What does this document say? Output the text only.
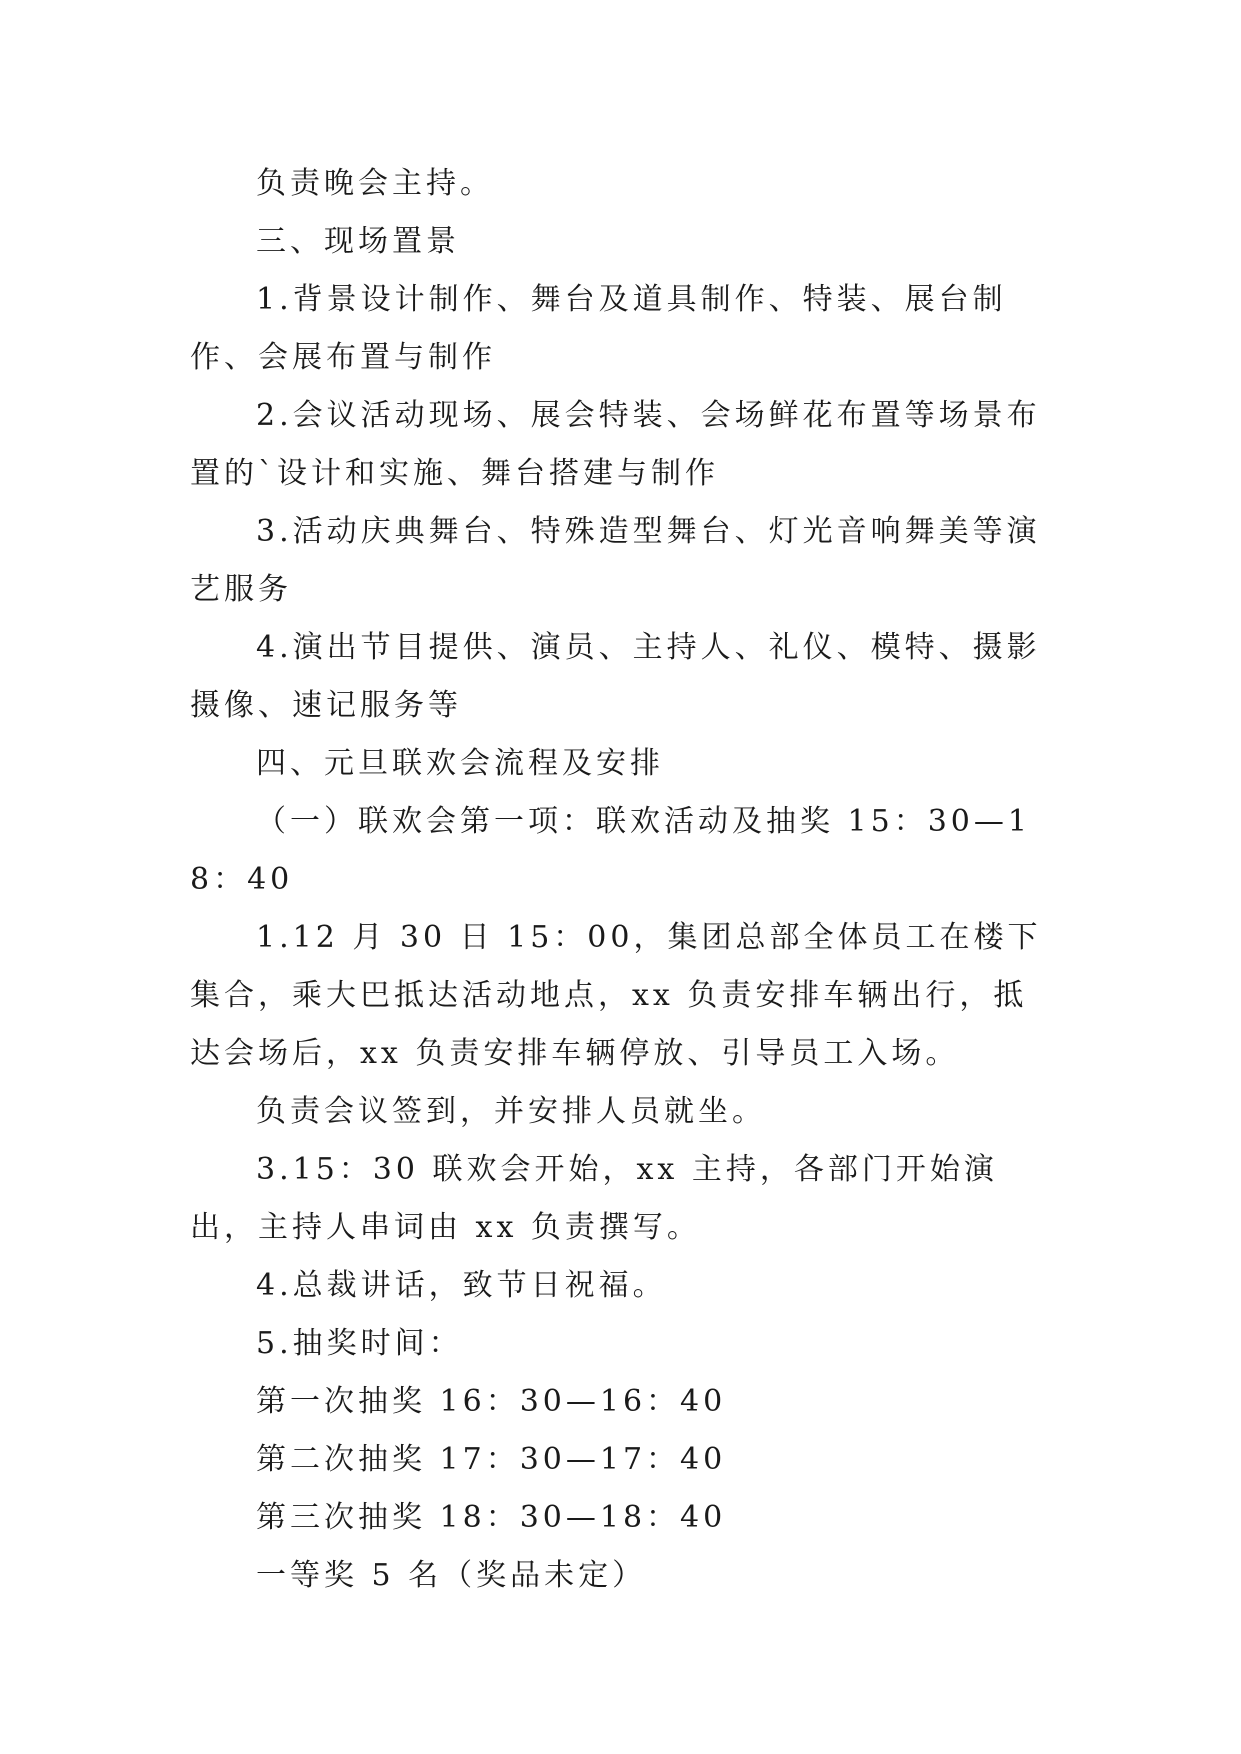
负责晚会主持。

三、现场置景

1.背景设计制作、舞台及道具制作、特装、展台制作、会展布置与制作

2.会议活动现场、展会特装、会场鲜花布置等场景布置的`设计和实施、舞台搭建与制作

3.活动庆典舞台、特殊造型舞台、灯光音响舞美等演艺服务

4.演出节目提供、演员、主持人、礼仪、模特、摄影摄像、速记服务等

四、元旦联欢会流程及安排

（一）联欢会第一项：联欢活动及抽奖 15：30—18：40

1.12 月 30 日 15：00，集团总部全体员工在楼下集合，乘大巴抵达活动地点，xx 负责安排车辆出行，抵达会场后，xx 负责安排车辆停放、引导员工入场。

负责会议签到，并安排人员就坐。

3.15：30 联欢会开始，xx 主持，各部门开始演出，主持人串词由 xx 负责撰写。

4.总裁讲话，致节日祝福。

5.抽奖时间：

第一次抽奖 16：30—16：40

第二次抽奖 17：30—17：40

第三次抽奖 18：30—18：40

一等奖 5 名（奖品未定）
